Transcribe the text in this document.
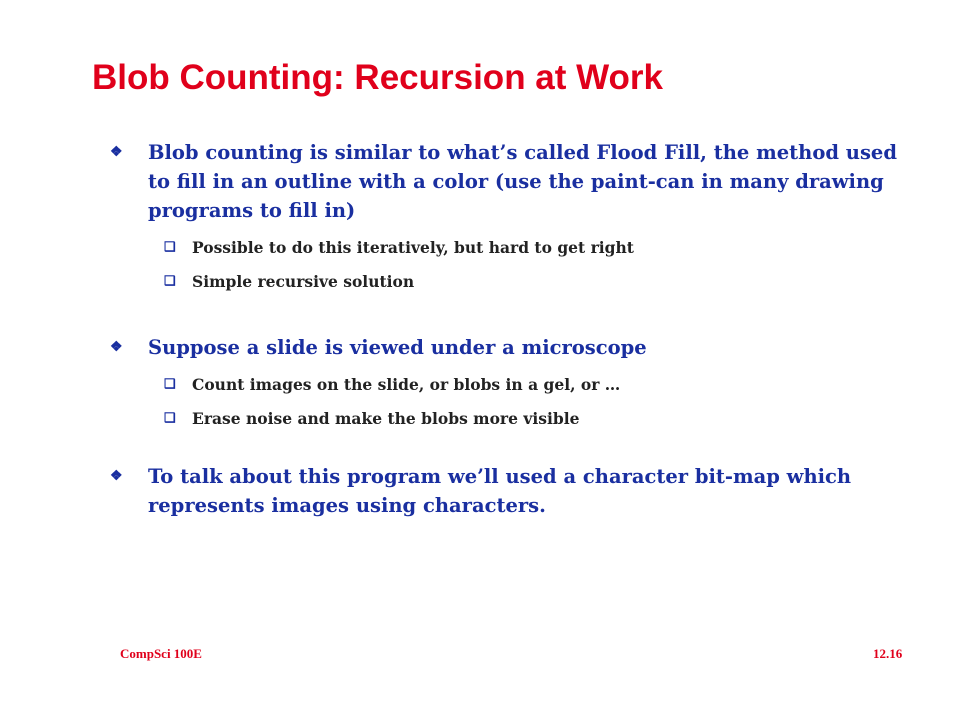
Blob Counting: Recursion at Work
❖ Blob counting is similar to what’s called Flood Fill, the method used to fill in an outline with a color (use the paint-can in many drawing programs to fill in)
❑ Possible to do this iteratively, but hard to get right
❑ Simple recursive solution
❖ Suppose a slide is viewed under a microscope
❑ Count images on the slide, or blobs in a gel, or …
❑ Erase noise and make the blobs more visible
❖ To talk about this program we’ll used a character bit-map which represents images using characters.
CompSci 100E	12.16
